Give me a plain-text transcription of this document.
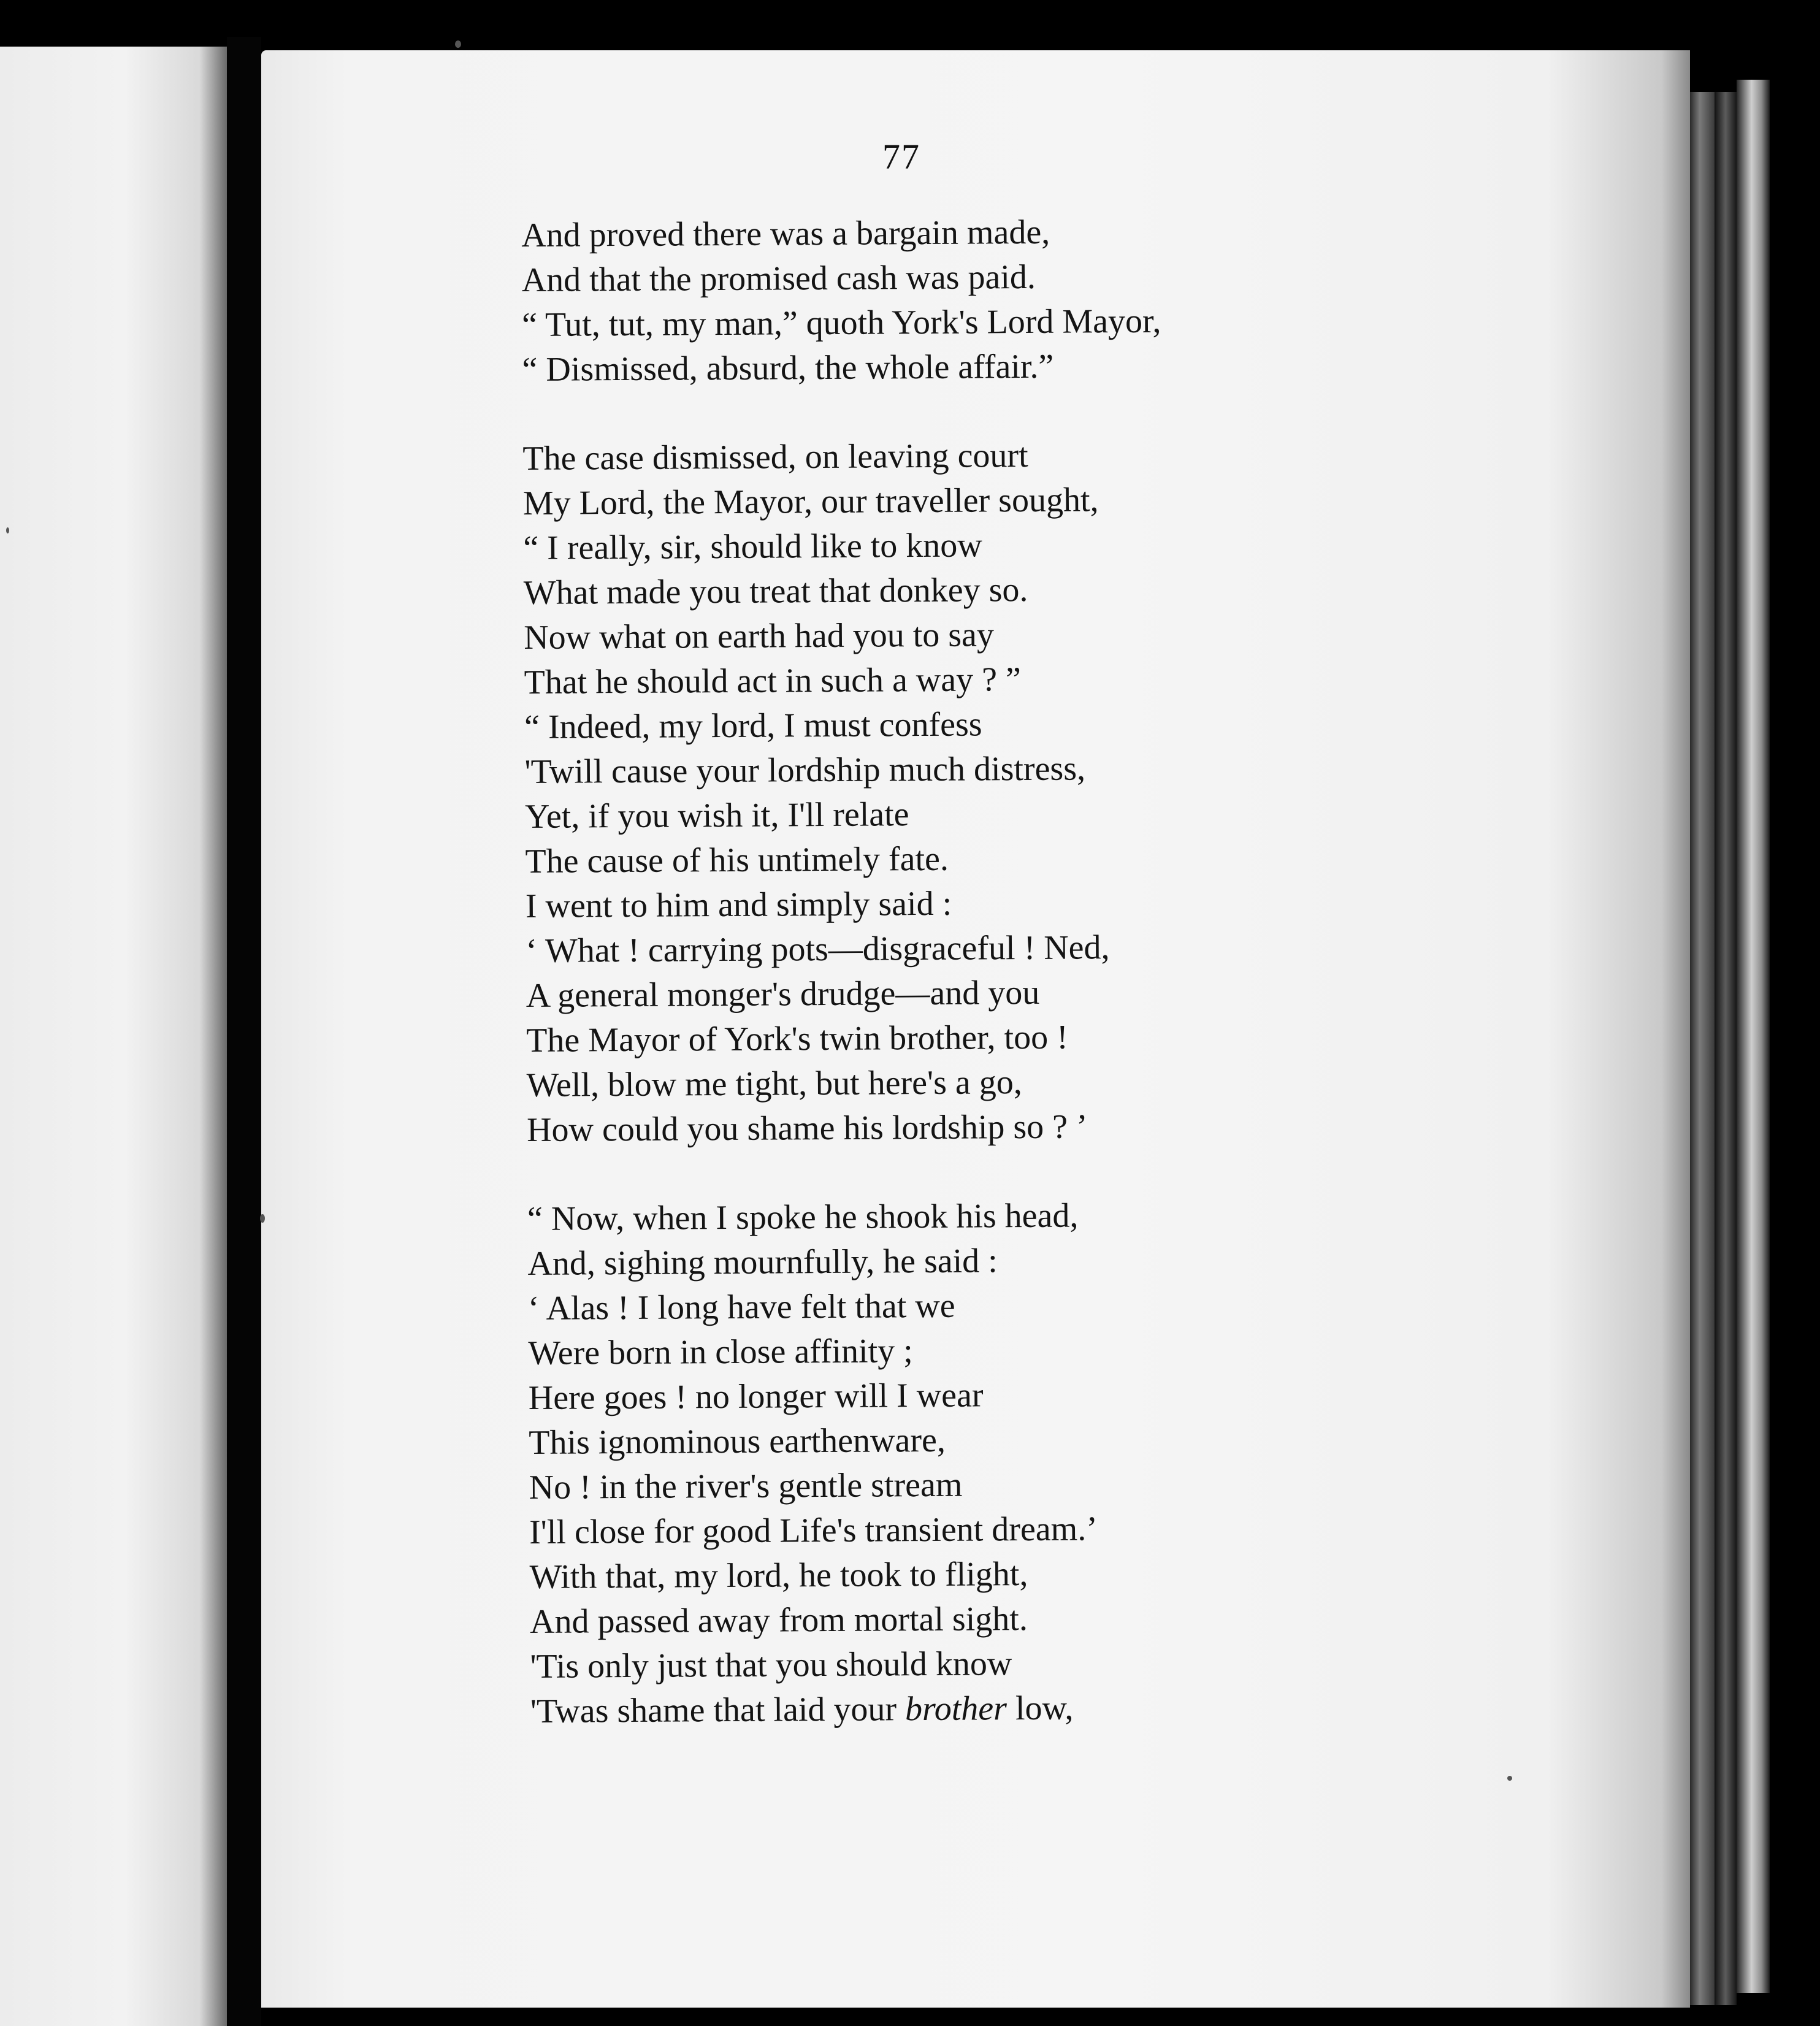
77
And proved there was a bargain made,
And that the promised cash was paid.
“ Tut, tut, my man,” quoth York's Lord Mayor,
“ Dismissed, absurd, the whole affair.”
The case dismissed, on leaving court
My Lord, the Mayor, our traveller sought,
“ I really, sir, should like to know
What made you treat that donkey so.
Now what on earth had you to say
That he should act in such a way ? ”
“ Indeed, my lord, I must confess
'Twill cause your lordship much distress,
Yet, if you wish it, I'll relate
The cause of his untimely fate.
I went to him and simply said :
‘ What ! carrying pots—disgraceful ! Ned,
A general monger's drudge—and you
The Mayor of York's twin brother, too !
Well, blow me tight, but here's a go,
How could you shame his lordship so ? ’
“ Now, when I spoke he shook his head,
And, sighing mournfully, he said :
‘ Alas ! I long have felt that we
Were born in close affinity ;
Here goes ! no longer will I wear
This ignominous earthenware,
No ! in the river's gentle stream
I'll close for good Life's transient dream.’
With that, my lord, he took to flight,
And passed away from mortal sight.
'Tis only just that you should know
'Twas shame that laid your brother low,
